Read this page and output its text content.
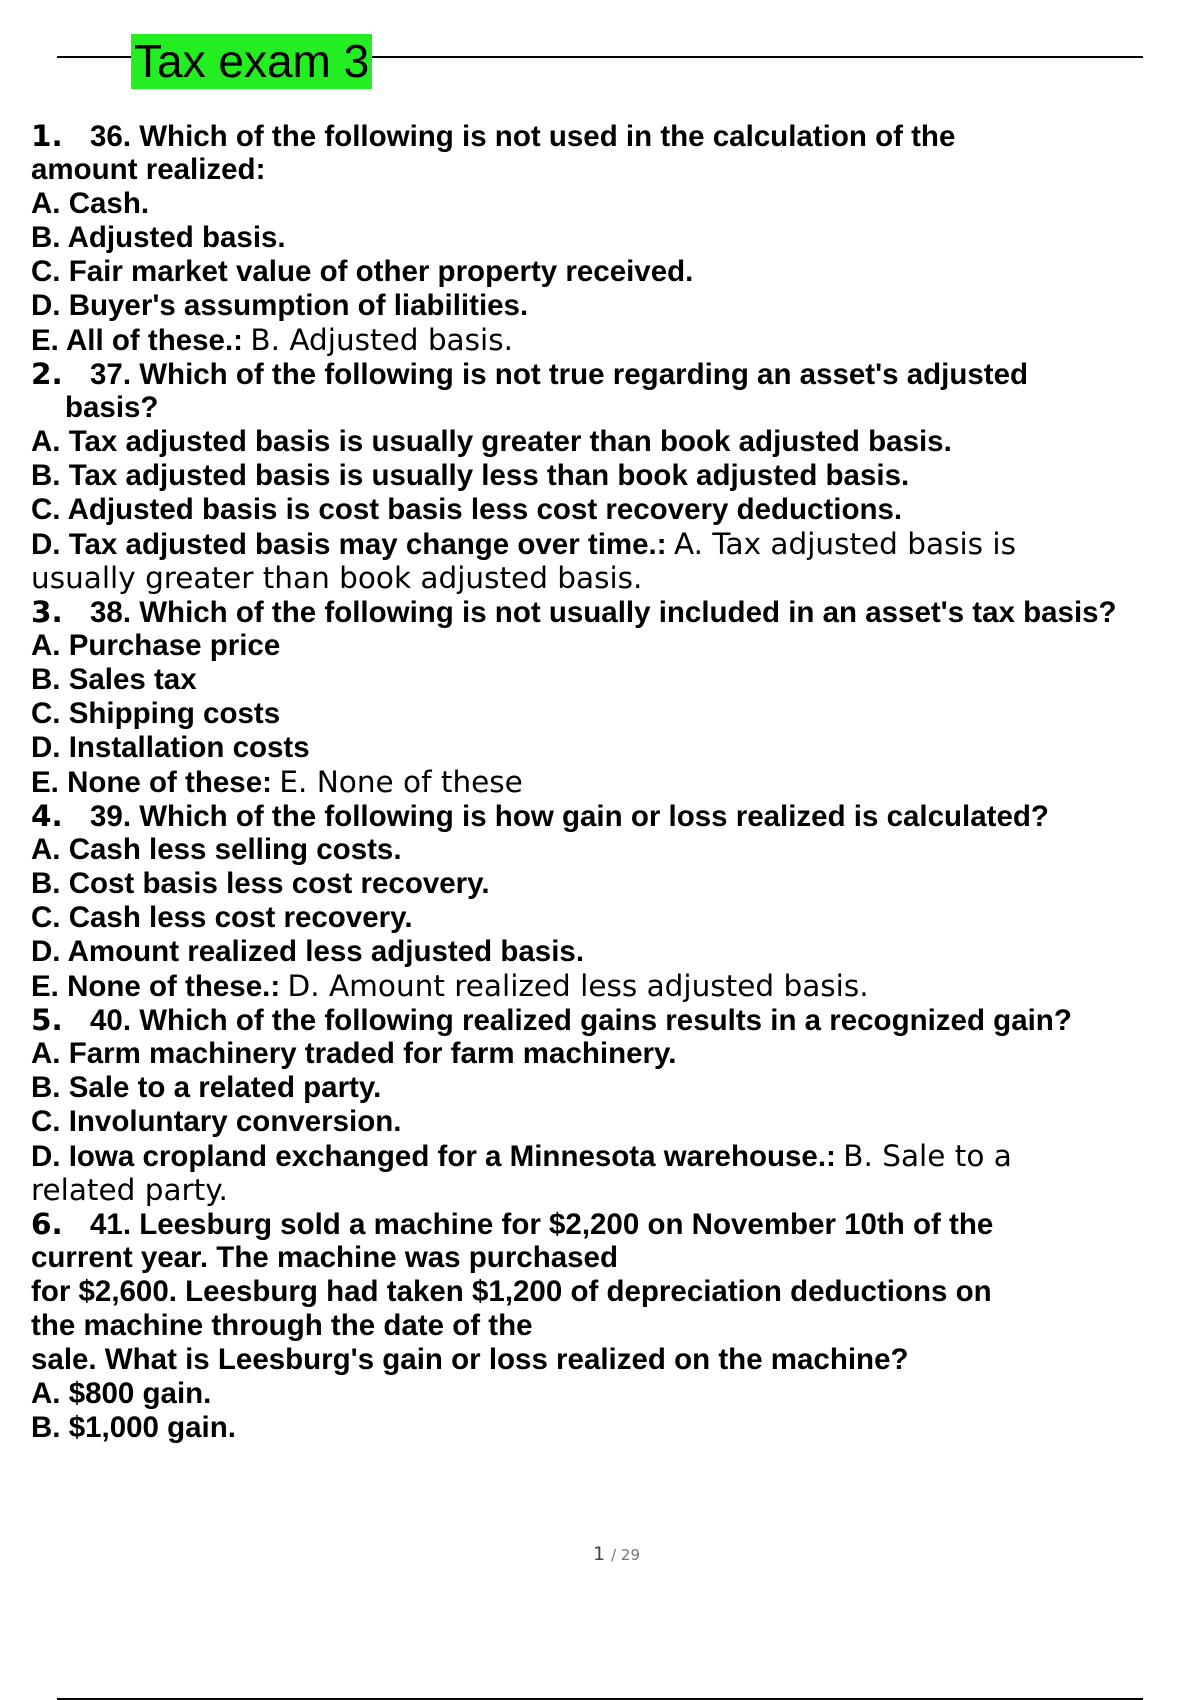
Tax exam 3
1. 36. Which of the following is not used in the calculation of the
amount realized:
A. Cash.
B. Adjusted basis.
C. Fair market value of other property received.
D. Buyer's assumption of liabilities.
E. All of these.: B. Adjusted basis.
2. 37. Which of the following is not true regarding an asset's adjusted
basis?
A. Tax adjusted basis is usually greater than book adjusted basis.
B. Tax adjusted basis is usually less than book adjusted basis.
C. Adjusted basis is cost basis less cost recovery deductions.
D. Tax adjusted basis may change over time.: A. Tax adjusted basis is
usually greater than book adjusted basis.
3. 38. Which of the following is not usually included in an asset's tax basis?
A. Purchase price
B. Sales tax
C. Shipping costs
D. Installation costs
E. None of these: E. None of these
4. 39. Which of the following is how gain or loss realized is calculated?
A. Cash less selling costs.
B. Cost basis less cost recovery.
C. Cash less cost recovery.
D. Amount realized less adjusted basis.
E. None of these.: D. Amount realized less adjusted basis.
5. 40. Which of the following realized gains results in a recognized gain?
A. Farm machinery traded for farm machinery.
B. Sale to a related party.
C. Involuntary conversion.
D. Iowa cropland exchanged for a Minnesota warehouse.: B. Sale to a
related party.
6. 41. Leesburg sold a machine for $2,200 on November 10th of the
current year. The machine was purchased
for $2,600. Leesburg had taken $1,200 of depreciation deductions on
the machine through the date of the
sale. What is Leesburg's gain or loss realized on the machine?
A. $800 gain.
B. $1,000 gain.
1 / 29
